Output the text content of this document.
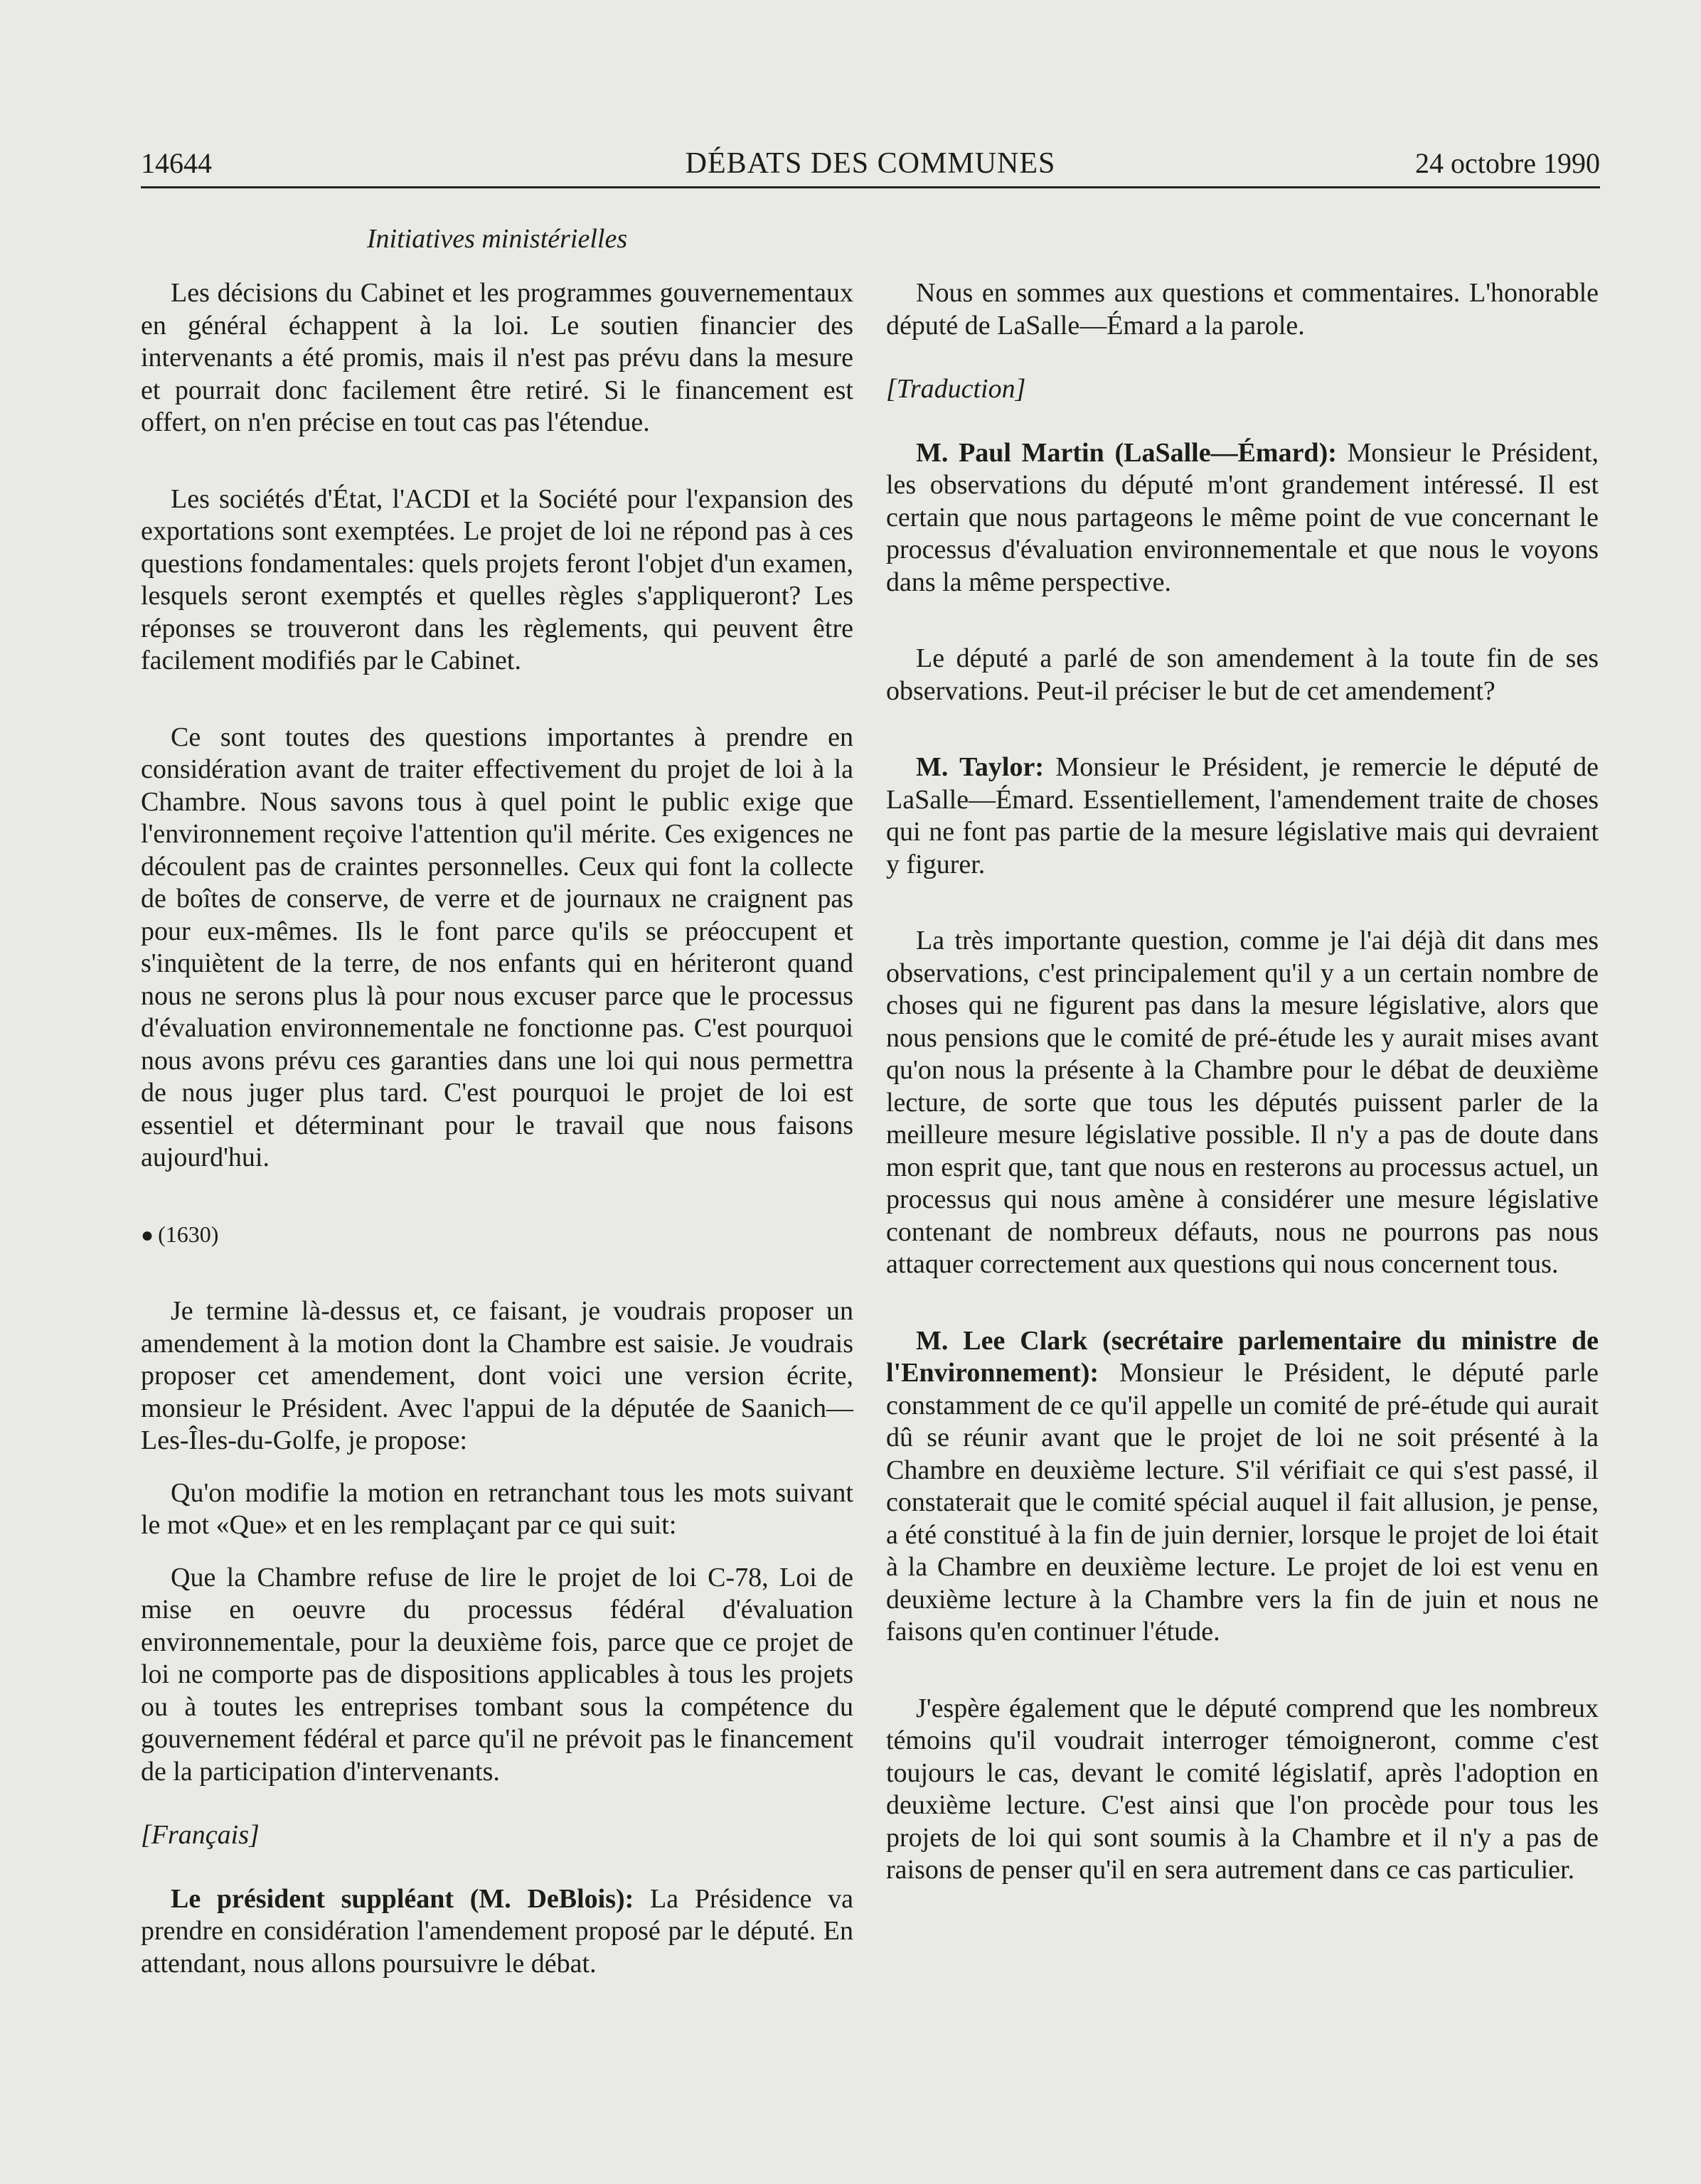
14644	DÉBATS DES COMMUNES	24 octobre 1990
Initiatives ministérielles

Les décisions du Cabinet et les programmes gouvernementaux en général échappent à la loi. Le soutien financier des intervenants a été promis, mais il n'est pas prévu dans la mesure et pourrait donc facilement être retiré. Si le financement est offert, on n'en précise en tout cas pas l'étendue.

Les sociétés d'État, l'ACDI et la Société pour l'expansion des exportations sont exemptées. Le projet de loi ne répond pas à ces questions fondamentales: quels projets feront l'objet d'un examen, lesquels seront exemptés et quelles règles s'appliqueront? Les réponses se trouveront dans les règlements, qui peuvent être facilement modifiés par le Cabinet.

Ce sont toutes des questions importantes à prendre en considération avant de traiter effectivement du projet de loi à la Chambre. Nous savons tous à quel point le public exige que l'environnement reçoive l'attention qu'il mérite. Ces exigences ne découlent pas de craintes personnelles. Ceux qui font la collecte de boîtes de conserve, de verre et de journaux ne craignent pas pour eux-mêmes. Ils le font parce qu'ils se préoccupent et s'inquiètent de la terre, de nos enfants qui en hériteront quand nous ne serons plus là pour nous excuser parce que le processus d'évaluation environnementale ne fonctionne pas. C'est pourquoi nous avons prévu ces garanties dans une loi qui nous permettra de nous juger plus tard. C'est pourquoi le projet de loi est essentiel et déterminant pour le travail que nous faisons aujourd'hui.

● (1630)

Je termine là-dessus et, ce faisant, je voudrais proposer un amendement à la motion dont la Chambre est saisie. Je voudrais proposer cet amendement, dont voici une version écrite, monsieur le Président. Avec l'appui de la députée de Saanich—Les-Îles-du-Golfe, je propose:

Qu'on modifie la motion en retranchant tous les mots suivant le mot «Que» et en les remplaçant par ce qui suit:

Que la Chambre refuse de lire le projet de loi C-78, Loi de mise en oeuvre du processus fédéral d'évaluation environnementale, pour la deuxième fois, parce que ce projet de loi ne comporte pas de dispositions applicables à tous les projets ou à toutes les entreprises tombant sous la compétence du gouvernement fédéral et parce qu'il ne prévoit pas le financement de la participation d'intervenants.

[Français]

Le président suppléant (M. DeBlois): La Présidence va prendre en considération l'amendement proposé par le député. En attendant, nous allons poursuivre le débat.

Nous en sommes aux questions et commentaires. L'honorable député de LaSalle—Émard a la parole.

[Traduction]

M. Paul Martin (LaSalle—Émard): Monsieur le Président, les observations du député m'ont grandement intéressé. Il est certain que nous partageons le même point de vue concernant le processus d'évaluation environnementale et que nous le voyons dans la même perspective.

Le député a parlé de son amendement à la toute fin de ses observations. Peut-il préciser le but de cet amendement?

M. Taylor: Monsieur le Président, je remercie le député de LaSalle—Émard. Essentiellement, l'amendement traite de choses qui ne font pas partie de la mesure législative mais qui devraient y figurer.

La très importante question, comme je l'ai déjà dit dans mes observations, c'est principalement qu'il y a un certain nombre de choses qui ne figurent pas dans la mesure législative, alors que nous pensions que le comité de pré-étude les y aurait mises avant qu'on nous la présente à la Chambre pour le débat de deuxième lecture, de sorte que tous les députés puissent parler de la meilleure mesure législative possible. Il n'y a pas de doute dans mon esprit que, tant que nous en resterons au processus actuel, un processus qui nous amène à considérer une mesure législative contenant de nombreux défauts, nous ne pourrons pas nous attaquer correctement aux questions qui nous concernent tous.

M. Lee Clark (secrétaire parlementaire du ministre de l'Environnement): Monsieur le Président, le député parle constamment de ce qu'il appelle un comité de pré-étude qui aurait dû se réunir avant que le projet de loi ne soit présenté à la Chambre en deuxième lecture. S'il vérifiait ce qui s'est passé, il constaterait que le comité spécial auquel il fait allusion, je pense, a été constitué à la fin de juin dernier, lorsque le projet de loi était à la Chambre en deuxième lecture. Le projet de loi est venu en deuxième lecture à la Chambre vers la fin de juin et nous ne faisons qu'en continuer l'étude.

J'espère également que le député comprend que les nombreux témoins qu'il voudrait interroger témoigneront, comme c'est toujours le cas, devant le comité législatif, après l'adoption en deuxième lecture. C'est ainsi que l'on procède pour tous les projets de loi qui sont soumis à la Chambre et il n'y a pas de raisons de penser qu'il en sera autrement dans ce cas particulier.
